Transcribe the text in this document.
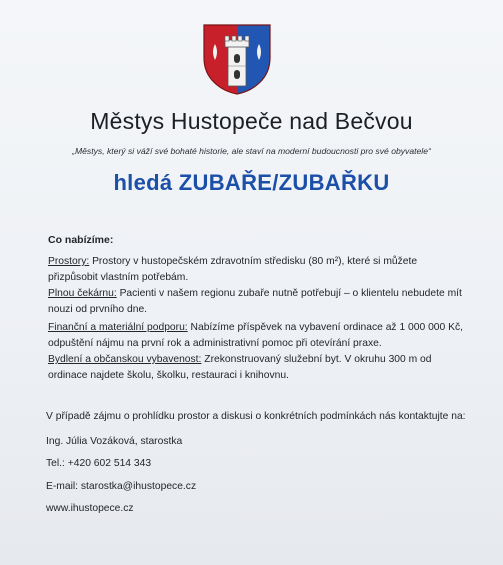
Městys Hustopeče nad Bečvou
„Městys, který si váží své bohaté historie, ale staví na moderní budoucnosti pro své obyvatele“
hledá ZUBAŘE/ZUBAŘKU
Co nabízíme:
Prostory: Prostory v hustopečském zdravotním středisku (80 m²), které si můžete přizpůsobit vlastním potřebám.
Plnou čekárnu: Pacienti v našem regionu zubaře nutně potřebují – o klientelu nebudete mít nouzi od prvního dne.
Finanční a materiální podporu: Nabízíme příspěvek na vybavení ordinace až 1 000 000 Kč, odpuštění nájmu na první rok a administrativní pomoc při otevírání praxe.
Bydlení a občanskou vybavenost: Zrekonstruovaný služební byt. V okruhu 300 m od ordinace najdete školu, školku, restauraci i knihovnu.
V případě zájmu o prohlídku prostor a diskusi o konkrétních podmínkách nás kontaktujte na:
Ing. Júlia Vozáková, starostka
Tel.: +420 602 514 343
E-mail: starostka@ihustopece.cz
www.ihustopece.cz
